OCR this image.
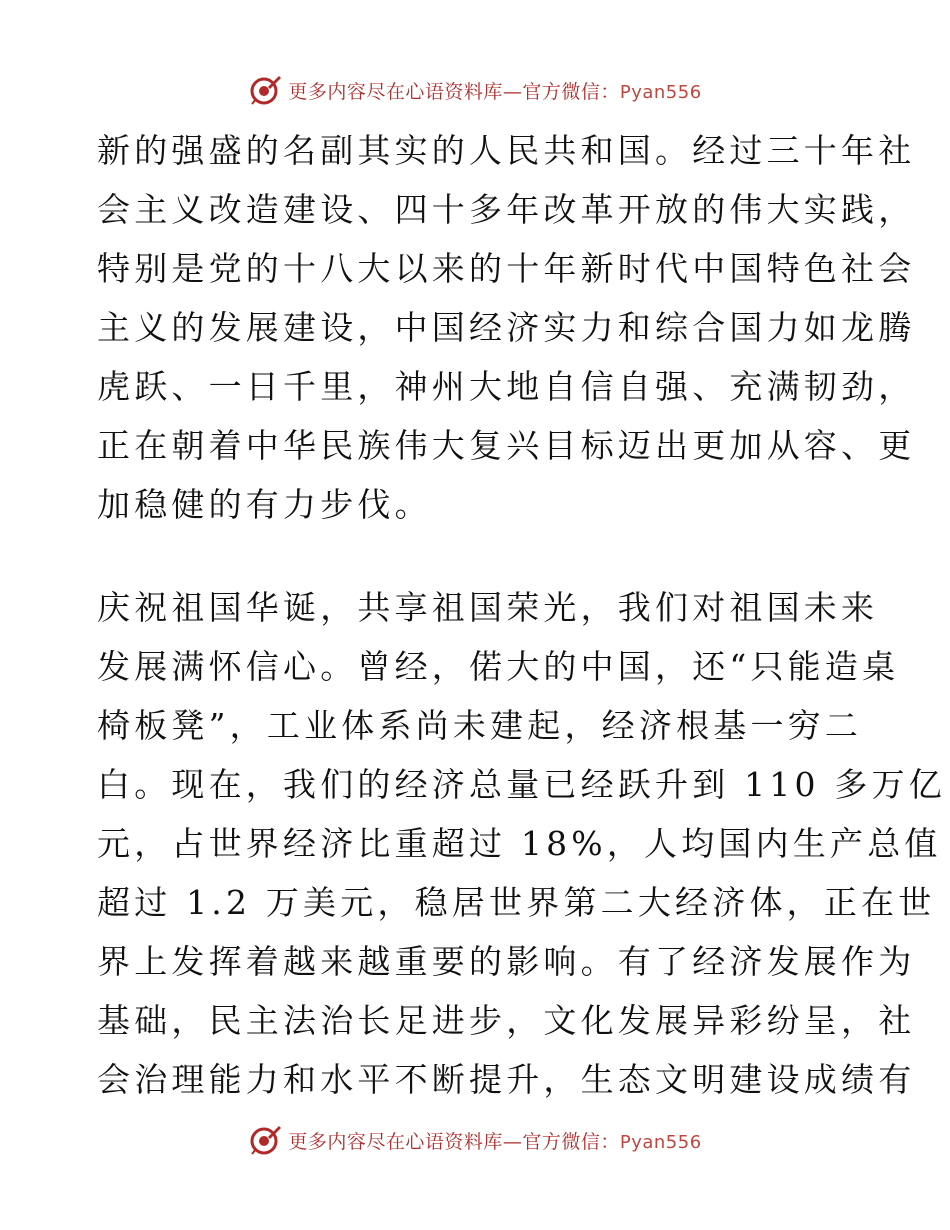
更多内容尽在心语资料库—官方微信：Pyan556
新的强盛的名副其实的人民共和国。经过三十年社
会主义改造建设、四十多年改革开放的伟大实践，
特别是党的十八大以来的十年新时代中国特色社会
主义的发展建设，中国经济实力和综合国力如龙腾
虎跃、一日千里，神州大地自信自强、充满韧劲，
正在朝着中华民族伟大复兴目标迈出更加从容、更
加稳健的有力步伐。
庆祝祖国华诞，共享祖国荣光，我们对祖国未来
发展满怀信心。曾经，偌大的中国，还“只能造桌
椅板凳”，工业体系尚未建起，经济根基一穷二
白。现在，我们的经济总量已经跃升到 110 多万亿
元，占世界经济比重超过 18%，人均国内生产总值
超过 1.2 万美元，稳居世界第二大经济体，正在世
界上发挥着越来越重要的影响。有了经济发展作为
基础，民主法治长足进步，文化发展异彩纷呈，社
会治理能力和水平不断提升，生态文明建设成绩有
更多内容尽在心语资料库—官方微信：Pyan556
